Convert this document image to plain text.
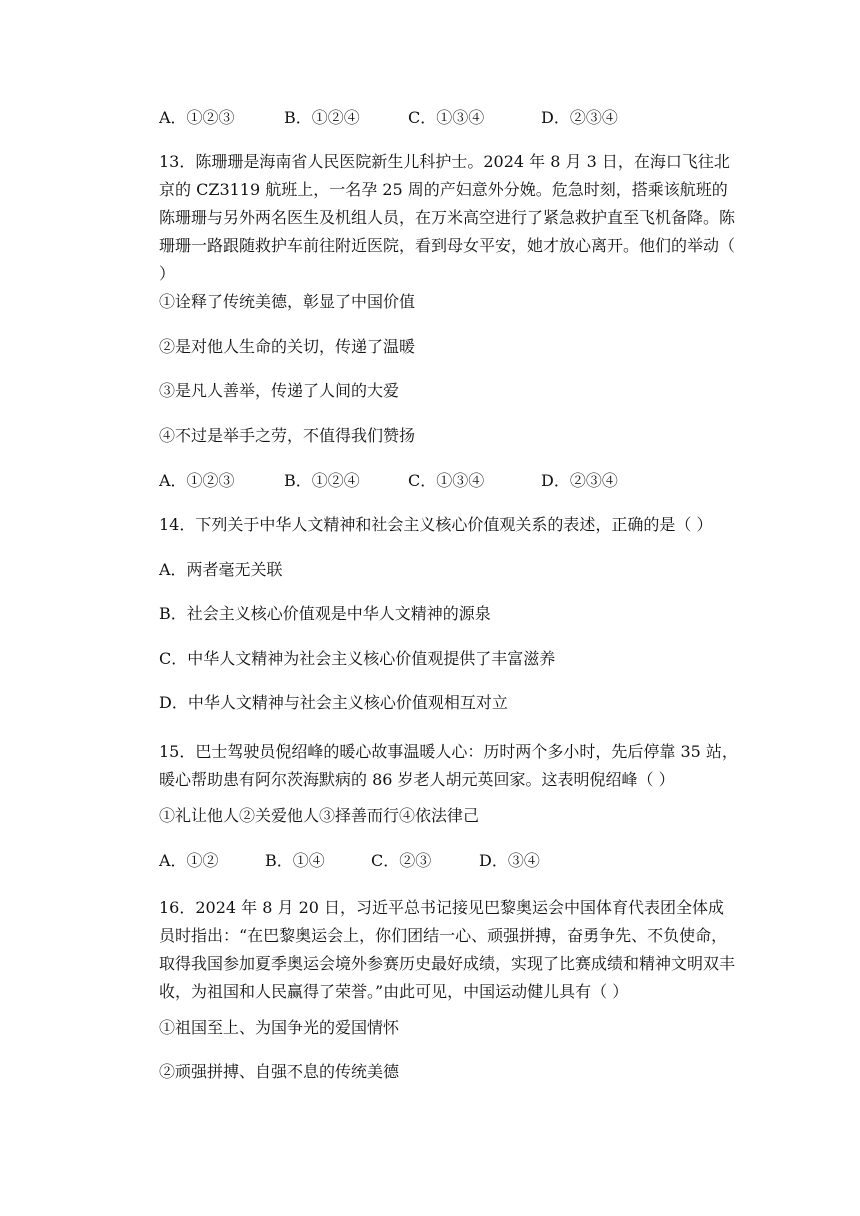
A．①②③	B．①②④	C．①③④	D．②③④
13．陈珊珊是海南省人民医院新生儿科护士。2024 年 8 月 3 日，在海口飞往北京的 CZ3119 航班上，一名孕 25 周的产妇意外分娩。危急时刻，搭乘该航班的陈珊珊与另外两名医生及机组人员，在万米高空进行了紧急救护直至飞机备降。陈珊珊一路跟随救护车前往附近医院，看到母女平安，她才放心离开。他们的举动（ ）
①诠释了传统美德，彰显了中国价值
②是对他人生命的关切，传递了温暖
③是凡人善举，传递了人间的大爱
④不过是举手之劳，不值得我们赞扬
A．①②③	B．①②④	C．①③④	D．②③④
14．下列关于中华人文精神和社会主义核心价值观关系的表述，正确的是（ ）
A．两者毫无关联
B．社会主义核心价值观是中华人文精神的源泉
C．中华人文精神为社会主义核心价值观提供了丰富滋养
D．中华人文精神与社会主义核心价值观相互对立
15．巴士驾驶员倪绍峰的暖心故事温暖人心：历时两个多小时，先后停靠 35 站，暖心帮助患有阿尔茨海默病的 86 岁老人胡元英回家。这表明倪绍峰（ ）
①礼让他人②关爱他人③择善而行④依法律己
A．①②	B．①④	C．②③	D．③④
16．2024 年 8 月 20 日，习近平总书记接见巴黎奥运会中国体育代表团全体成员时指出：“在巴黎奥运会上，你们团结一心、顽强拼搏，奋勇争先、不负使命，取得我国参加夏季奥运会境外参赛历史最好成绩，实现了比赛成绩和精神文明双丰收，为祖国和人民赢得了荣誉。”由此可见，中国运动健儿具有（ ）
①祖国至上、为国争光的爱国情怀
②顽强拼搏、自强不息的传统美德
